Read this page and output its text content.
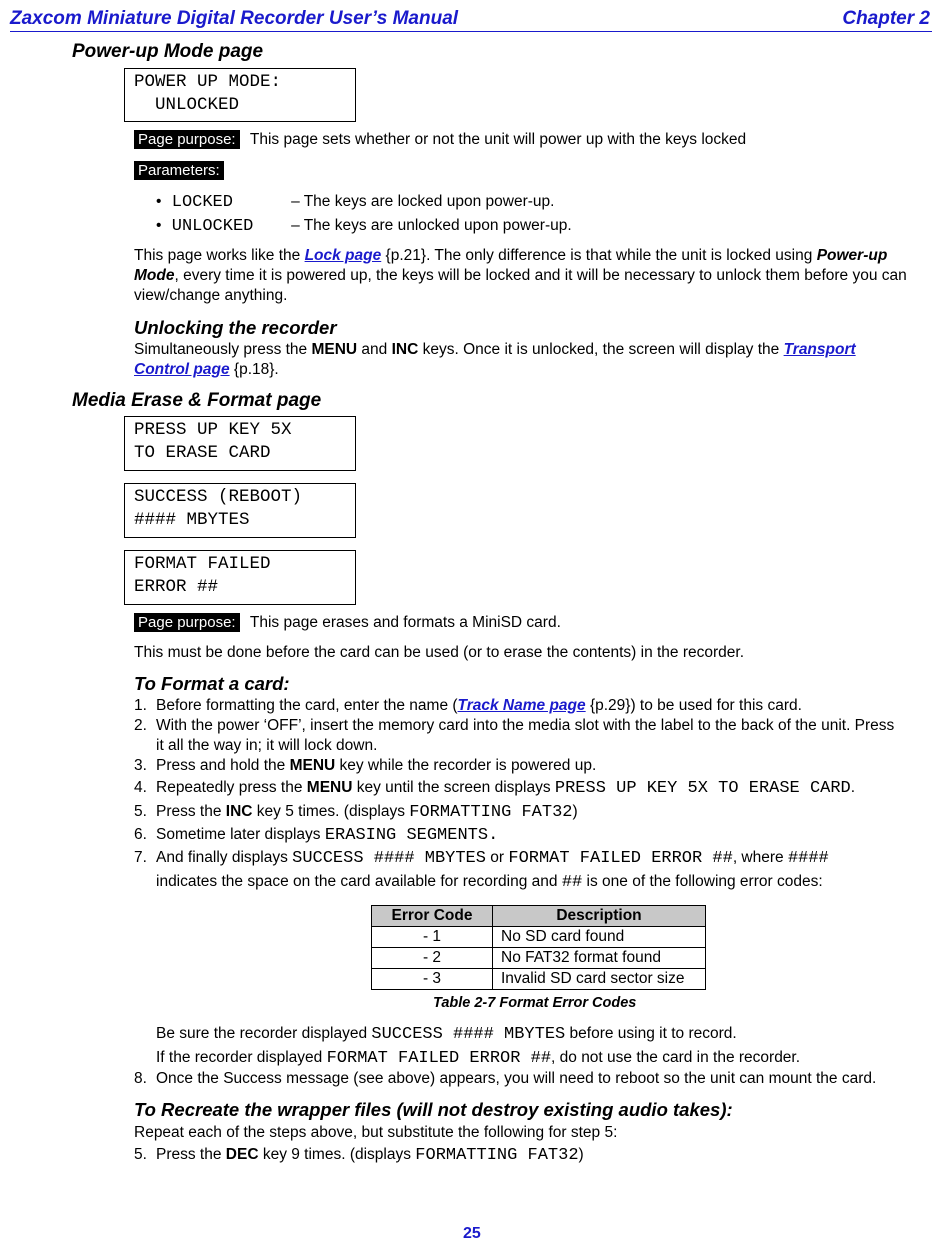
Zaxcom Miniature Digital Recorder User’s Manual	Chapter 2
Power-up Mode page
POWER UP MODE:
UNLOCKED
Page purpose: This page sets whether or not the unit will power up with the keys locked
Parameters:
• LOCKED	– The keys are locked upon power-up.
• UNLOCKED – The keys are unlocked upon power-up.
This page works like the Lock page {p.21}. The only difference is that while the unit is locked using Power-up
Mode, every time it is powered up, the keys will be locked and it will be necessary to unlock them before you can
view/change anything.
Unlocking the recorder
Simultaneously press the MENU and INC keys. Once it is unlocked, the screen will display the Transport
Control page {p.18}.
Media Erase & Format page
PRESS UP KEY 5X
TO ERASE CARD
SUCCESS (REBOOT)
#### MBYTES
FORMAT FAILED
ERROR ##
Page purpose: This page erases and formats a MiniSD card.
This must be done before the card can be used (or to erase the contents) in the recorder.
To Format a card:
1. Before formatting the card, enter the name (Track Name page {p.29}) to be used for this card.
2. With the power ‘OFF’, insert the memory card into the media slot with the label to the back of the unit. Press
it all the way in; it will lock down.
3. Press and hold the MENU key while the recorder is powered up.
4. Repeatedly press the MENU key until the screen displays PRESS UP KEY 5X TO ERASE CARD.
5. Press the INC key 5 times. (displays FORMATTING FAT32)
6. Sometime later displays ERASING SEGMENTS.
7. And finally displays SUCCESS #### MBYTES or FORMAT FAILED ERROR ##, where ####
indicates the space on the card available for recording and ## is one of the following error codes:
Error Code	Description
- 1	No SD card found
- 2	No FAT32 format found
- 3	Invalid SD card sector size
Table 2-7 Format Error Codes
Be sure the recorder displayed SUCCESS #### MBYTES before using it to record.
If the recorder displayed FORMAT FAILED ERROR ##, do not use the card in the recorder.
8. Once the Success message (see above) appears, you will need to reboot so the unit can mount the card.
To Recreate the wrapper files (will not destroy existing audio takes):
Repeat each of the steps above, but substitute the following for step 5:
5. Press the DEC key 9 times. (displays FORMATTING FAT32)
25
